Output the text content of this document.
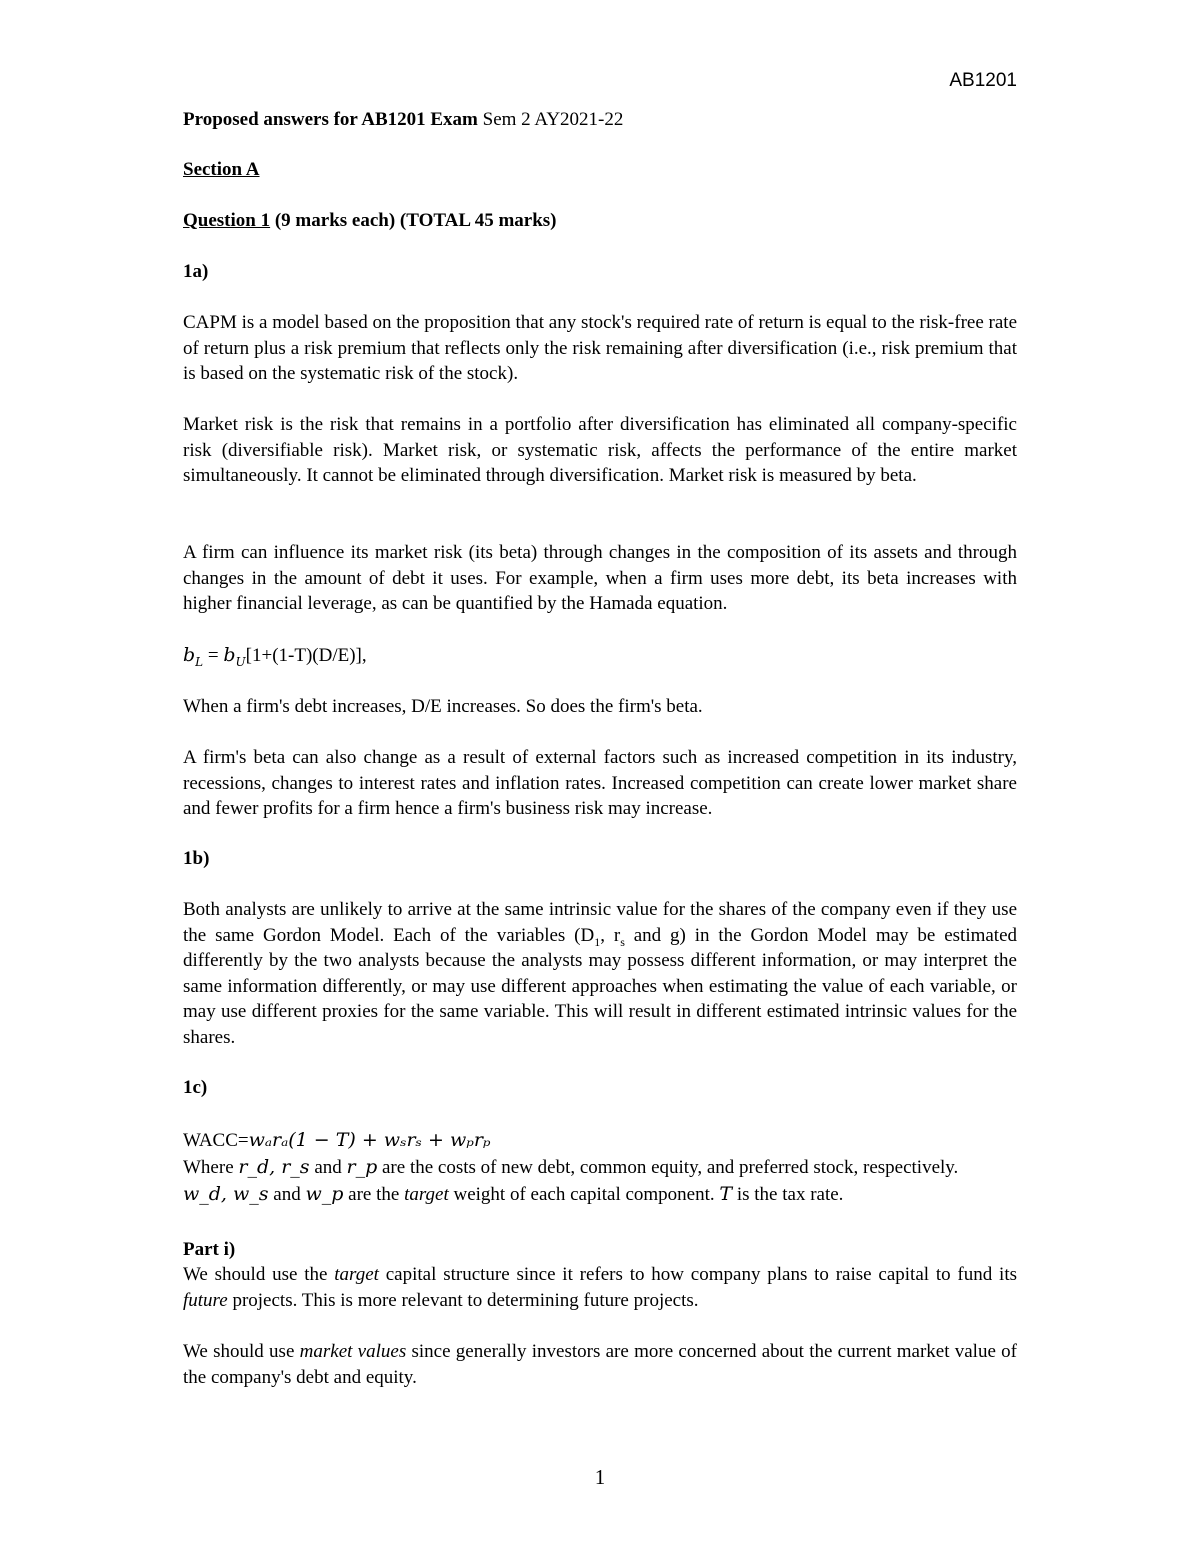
AB1201

Proposed answers for AB1201 Exam Sem 2 AY2021-22

Section A

Question 1 (9 marks each) (TOTAL 45 marks)

1a)

CAPM is a model based on the proposition that any stock's required rate of return is equal to the risk-free rate of return plus a risk premium that reflects only the risk remaining after diversification (i.e., risk premium that is based on the systematic risk of the stock).

Market risk is the risk that remains in a portfolio after diversification has eliminated all company-specific risk (diversifiable risk). Market risk, or systematic risk, affects the performance of the entire market simultaneously. It cannot be eliminated through diversification. Market risk is measured by beta.

A firm can influence its market risk (its beta) through changes in the composition of its assets and through changes in the amount of debt it uses. For example, when a firm uses more debt, its beta increases with higher financial leverage, as can be quantified by the Hamada equation.

$b_L = b_U[1+(1-T)(D/E)]$,

When a firm's debt increases, D/E increases. So does the firm's beta.

A firm's beta can also change as a result of external factors such as increased competition in its industry, recessions, changes to interest rates and inflation rates. Increased competition can create lower market share and fewer profits for a firm hence a firm's business risk may increase.

1b)

Both analysts are unlikely to arrive at the same intrinsic value for the shares of the company even if they use the same Gordon Model. Each of the variables ($D_1$, $r_s$ and g) in the Gordon Model may be estimated differently by the two analysts because the analysts may possess different information, or may interpret the same information differently, or may use different approaches when estimating the value of each variable, or may use different proxies for the same variable. This will result in different estimated intrinsic values for the shares.

1c)

WACC=wₐrₐ(1 − T) + wₛrₛ + wₚrₚ

Where r_d, r_s and r_p are the costs of new debt, common equity, and preferred stock, respectively.

w_d, w_s and w_p are the target weight of each capital component. T is the tax rate.

Part i)

We should use the target capital structure since it refers to how company plans to raise capital to fund its future projects. This is more relevant to determining future projects.

We should use market values since generally investors are more concerned about the current market value of the company's debt and equity.

1
